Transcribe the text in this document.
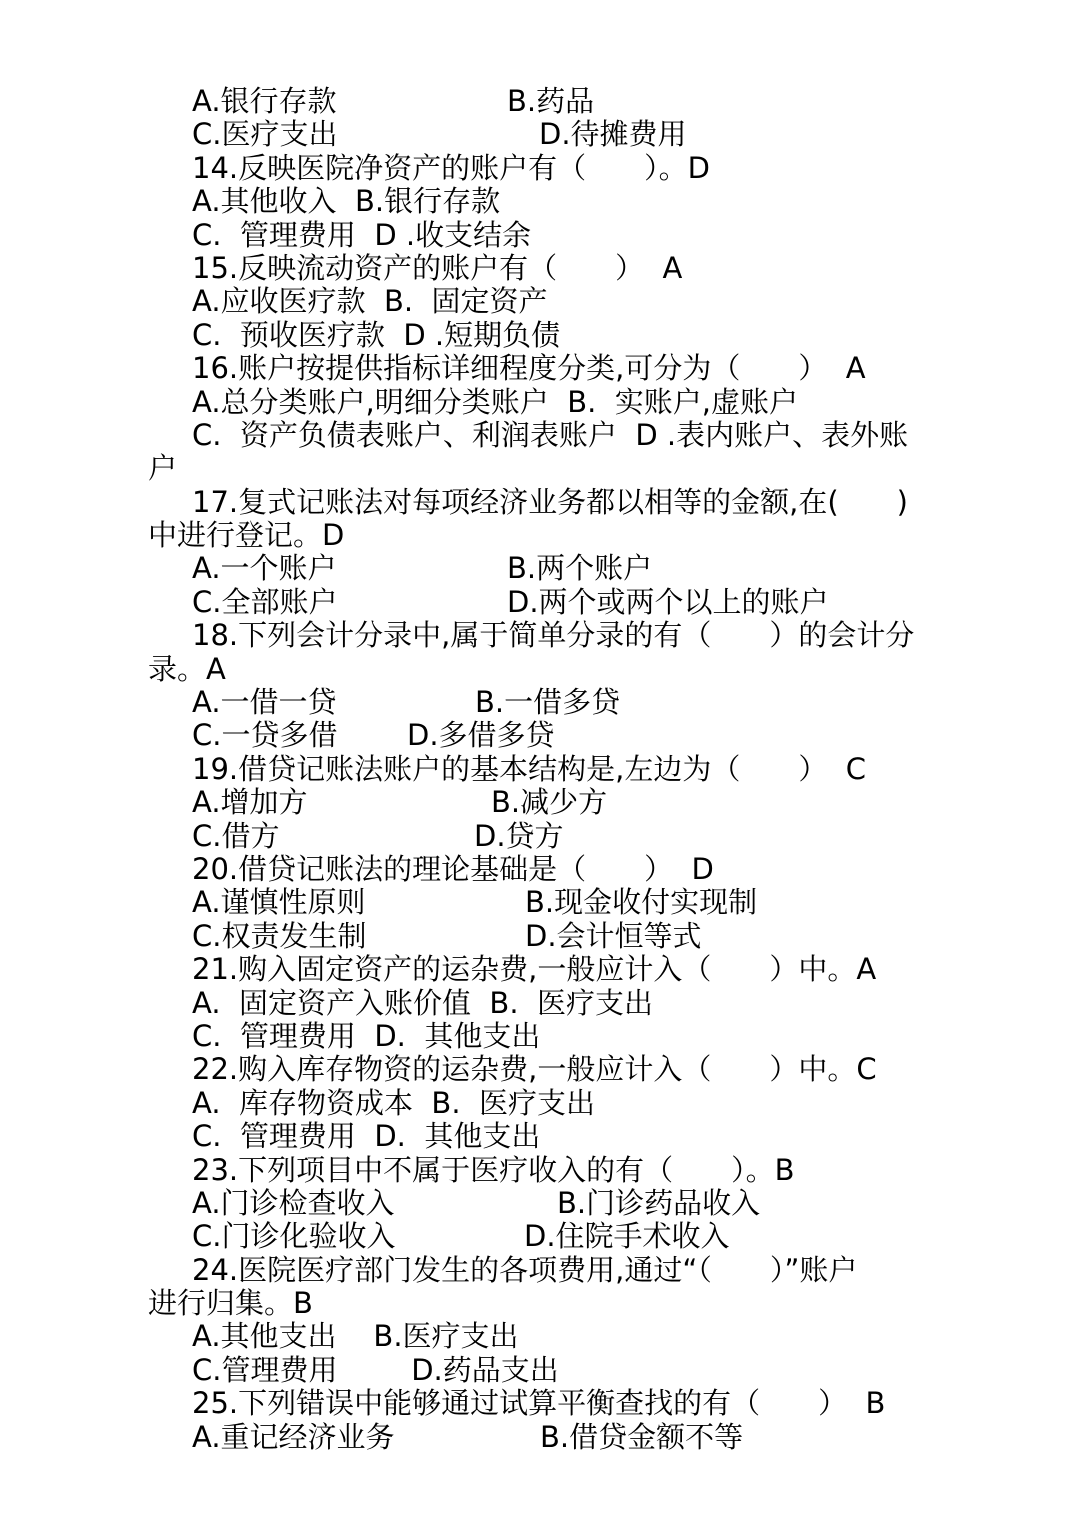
A.银行存款	B.药品
C.医疗支出	D.待摊费用
14.反映医院净资产的账户有（　　）。D
A.其他收入  B.银行存款
C.  管理费用  D .收支结余
15.反映流动资产的账户有（　　）  A
A.应收医疗款  B.  固定资产
C.  预收医疗款  D .短期负债
16.账户按提供指标详细程度分类,可分为（　　）  A
A.总分类账户,明细分类账户  B.  实账户,虚账户
C.  资产负债表账户、利润表账户  D .表内账户、表外账
户
17.复式记账法对每项经济业务都以相等的金额,在(　　)
中进行登记。D
A.一个账户	B.两个账户
C.全部账户	D.两个或两个以上的账户
18.下列会计分录中,属于简单分录的有（　　）的会计分
录。A
A.一借一贷	B.一借多贷
C.一贷多借 D.多借多贷
19.借贷记账法账户的基本结构是,左边为（　　）  C
A.增加方	B.减少方
C.借方	D.贷方
20.借贷记账法的理论基础是（　　）  D
A.谨慎性原则	B.现金收付实现制
C.权责发生制	D.会计恒等式
21.购入固定资产的运杂费,一般应计入（　　）中。A
A.  固定资产入账价值  B.  医疗支出
C.  管理费用  D.  其他支出
22.购入库存物资的运杂费,一般应计入（　　）中。C
A.  库存物资成本  B.  医疗支出
C.  管理费用  D.  其他支出
23.下列项目中不属于医疗收入的有（　　）。B
A.门诊检查收入	B.门诊药品收入
C.门诊化验收入	D.住院手术收入
24.医院医疗部门发生的各项费用,通过“（　　）”账户
进行归集。B
A.其他支出    B.医疗支出
C.管理费用        D.药品支出
25.下列错误中能够通过试算平衡查找的有（　　）  B
A.重记经济业务	B.借贷金额不等
